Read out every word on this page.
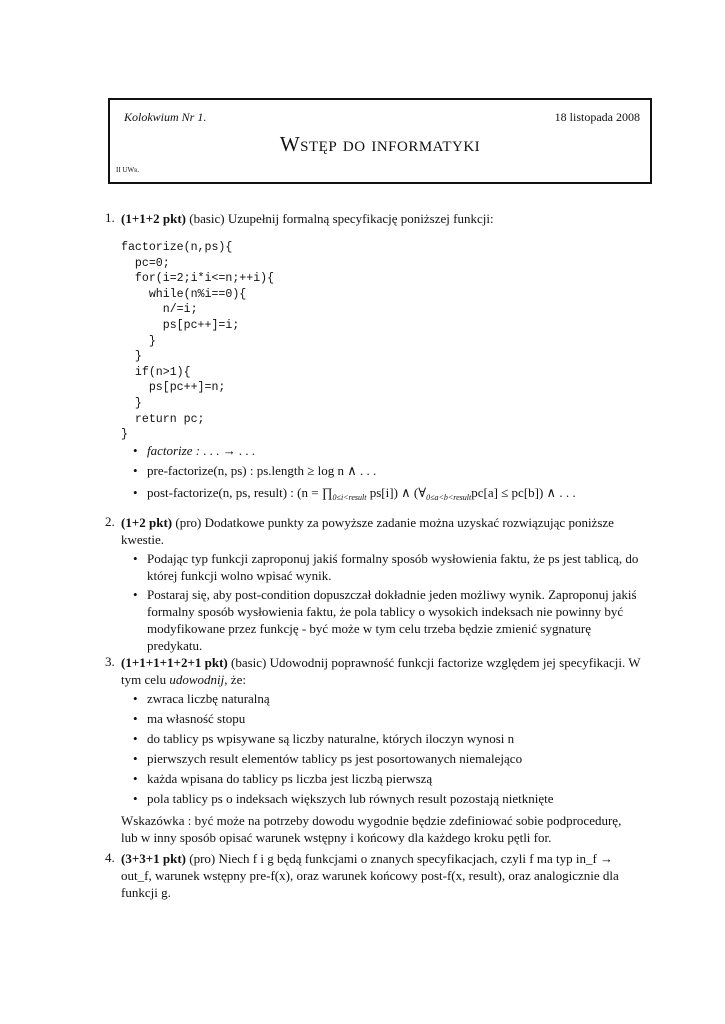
Kolokwium Nr 1.	18 listopada 2008
Wstęp do informatyki
II UWr.
1. (1+1+2 pkt) (basic) Uzupełnij formalną specyfikację poniższej funkcji:
factorize(n,ps){
pc=0;
for(i=2;i*i<=n;++i){
while(n%i==0){
n/=i;
ps[pc++]=i;
}
}
if(n>1){
ps[pc++]=n;
}
return pc;
}
• factorize : . . . → . . .
• pre-factorize(n, ps) : ps.length ≥ log n ∧ . . .
• post-factorize(n, ps, result) : ($n = \prod_{0\le i<result}$ ps[i]) ∧ $(\forall_{0\le a<b<result}pc[a] \le pc[b])$ ∧ . . .
2. (1+2 pkt) (pro) Dodatkowe punkty za powyższe zadanie można uzyskać rozwiązując poniższe kwestie.
• Podając typ funkcji zaproponuj jakiś formalny sposób wysłowienia faktu, że ps jest tablicą, do której funkcji wolno wpisać wynik.
• Postaraj się, aby post-condition dopuszczał dokładnie jeden możliwy wynik. Zaproponuj jakiś formalny sposób wysłowienia faktu, że pola tablicy o wysokich indeksach nie powinny być modyfikowane przez funkcję - być może w tym celu trzeba będzie zmienić sygnaturę predykatu.
3. (1+1+1+1+2+1 pkt) (basic) Udowodnij poprawność funkcji factorize względem jej specyfikacji. W tym celu udowodnij, że:
• zwraca liczbę naturalną
• ma własność stopu
• do tablicy ps wpisywane są liczby naturalne, których iloczyn wynosi n
• pierwszych result elementów tablicy ps jest posortowanych niemalejąco
• każda wpisana do tablicy ps liczba jest liczbą pierwszą
• pola tablicy ps o indeksach większych lub równych result pozostają nietknięte
Wskazówka : być może na potrzeby dowodu wygodnie będzie zdefiniować sobie podprocedurę, lub w inny sposób opisać warunek wstępny i końcowy dla każdego kroku pętli for.
4. (3+3+1 pkt) (pro) Niech f i g będą funkcjami o znanych specyfikacjach, czyli f ma typ in_f → out_f, warunek wstępny pre-f(x), oraz warunek końcowy post-f(x, result), oraz analogicznie dla funkcji g.
